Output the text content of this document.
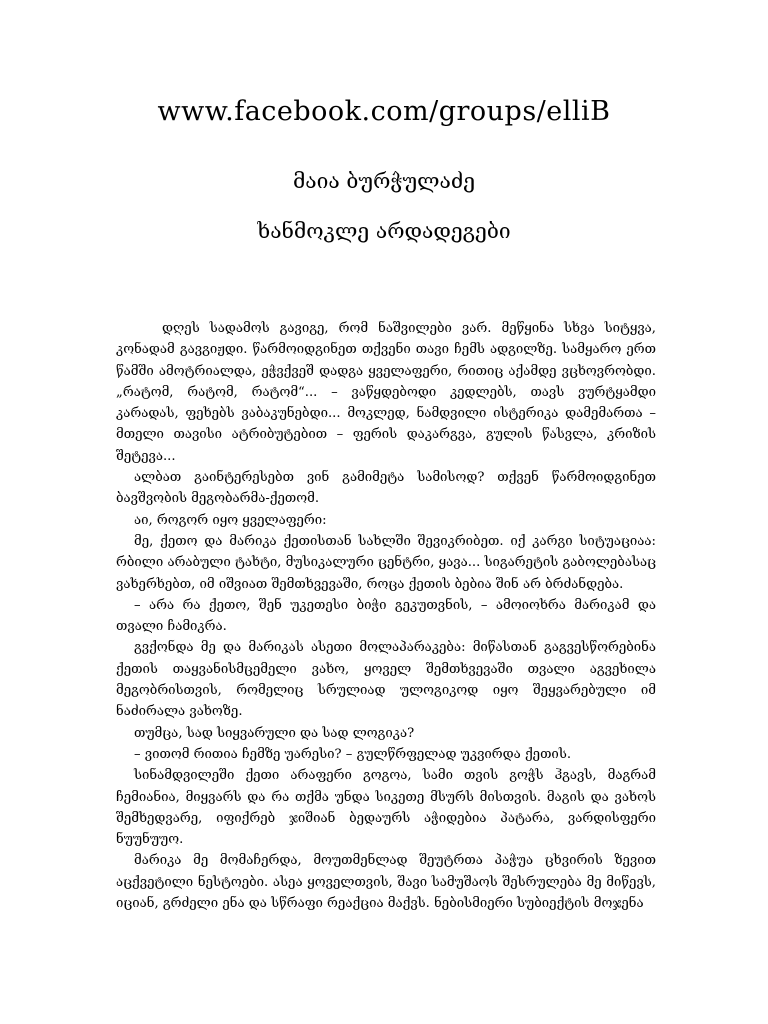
www.facebook.com/groups/elliB
მაია ბურჭულაძე
ხანმოკლე არდადეგები

დღეს სადამოს გავიგე, რომ ნაშვილები ვარ. მეწყინა სხვა სიტყვა, კონადამ გავგიჟდი. წარმოიდგინეთ თქვენი თავი ჩემს ადგილზე. სამყარო ერთ წამში ამოტრიალდა, ეჭვქვეშ დადგა ყველაფერი, რითიც აქამდე ვცხოვრობდი. „რატომ, რატომ, რატომ“... – ვაწყდებოდი კედლებს, თავს ვურტყამდი კარადას, ფეხებს ვაბაკუნებდი... მოკლედ, ნამდვილი ისტერიკა დამემართა – მთელი თავისი ატრიბუტებით – ფერის დაკარგვა, გულის წასვლა, კრიზის შეტევა...

ალბათ გაინტერესებთ ვინ გამიმეტა სამისოდ? თქვენ წარმოიდგინეთ ბავშვობის მეგობარმა-ქეთომ.

აი, როგორ იყო ყველაფერი:

მე, ქეთო და მარიკა ქეთისთან სახლში შევიკრიბეთ. იქ კარგი სიტუაციაა: რბილი არაბული ტახტი, მუსიკალური ცენტრი, ყავა... სიგარეტის გაბოლებასაც ვახერხებთ, იმ იშვიათ შემთხვევაში, როცა ქეთის ბებია შინ არ ბრძანდება.

– არა რა ქეთო, შენ უკეთესი ბიჭი გეკუთვნის, – ამოიოხრა მარიკამ და თვალი ჩამიკრა.

გვქონდა მე და მარიკას ასეთი მოლაპარაკება: მიწასთან გაგვესწორებინა ქეთის თაყვანისმცემელი ვახო, ყოველ შემთხვევაში თვალი აგვეხილა მეგობრისთვის, რომელიც სრულიად ულოგიკოდ იყო შეყვარებული იმ ნაძირალა ვახოზე.

თუმცა, სად სიყვარული და სად ლოგიკა?

– ვითომ რითია ჩემზე უარესი? – გულწრფელად უკვირდა ქეთის.

სინამდვილეში ქეთი არაფერი გოგოა, სამი თვის გოჭს ჰგავს, მაგრამ ჩემიანია, მიყვარს და რა თქმა უნდა სიკეთე მსურს მისთვის. მაგის და ვახოს შემხედვარე, იფიქრებ ჯიშიან ბედაურს აჭიდებია პატარა, ვარდისფერი ნუუნუუო.

მარიკა მე მომაჩერდა, მოუთმენლად შეუტრთა პაჭუა ცხვირის ზევით აცქვეტილი ნესტოები. ასეა ყოველთვის, შავი სამუშაოს შესრულება მე მიწევს, იციან, გრძელი ენა და სწრაფი რეაქცია მაქვს. ნებისმიერი სუბიექტის მოჯენა
